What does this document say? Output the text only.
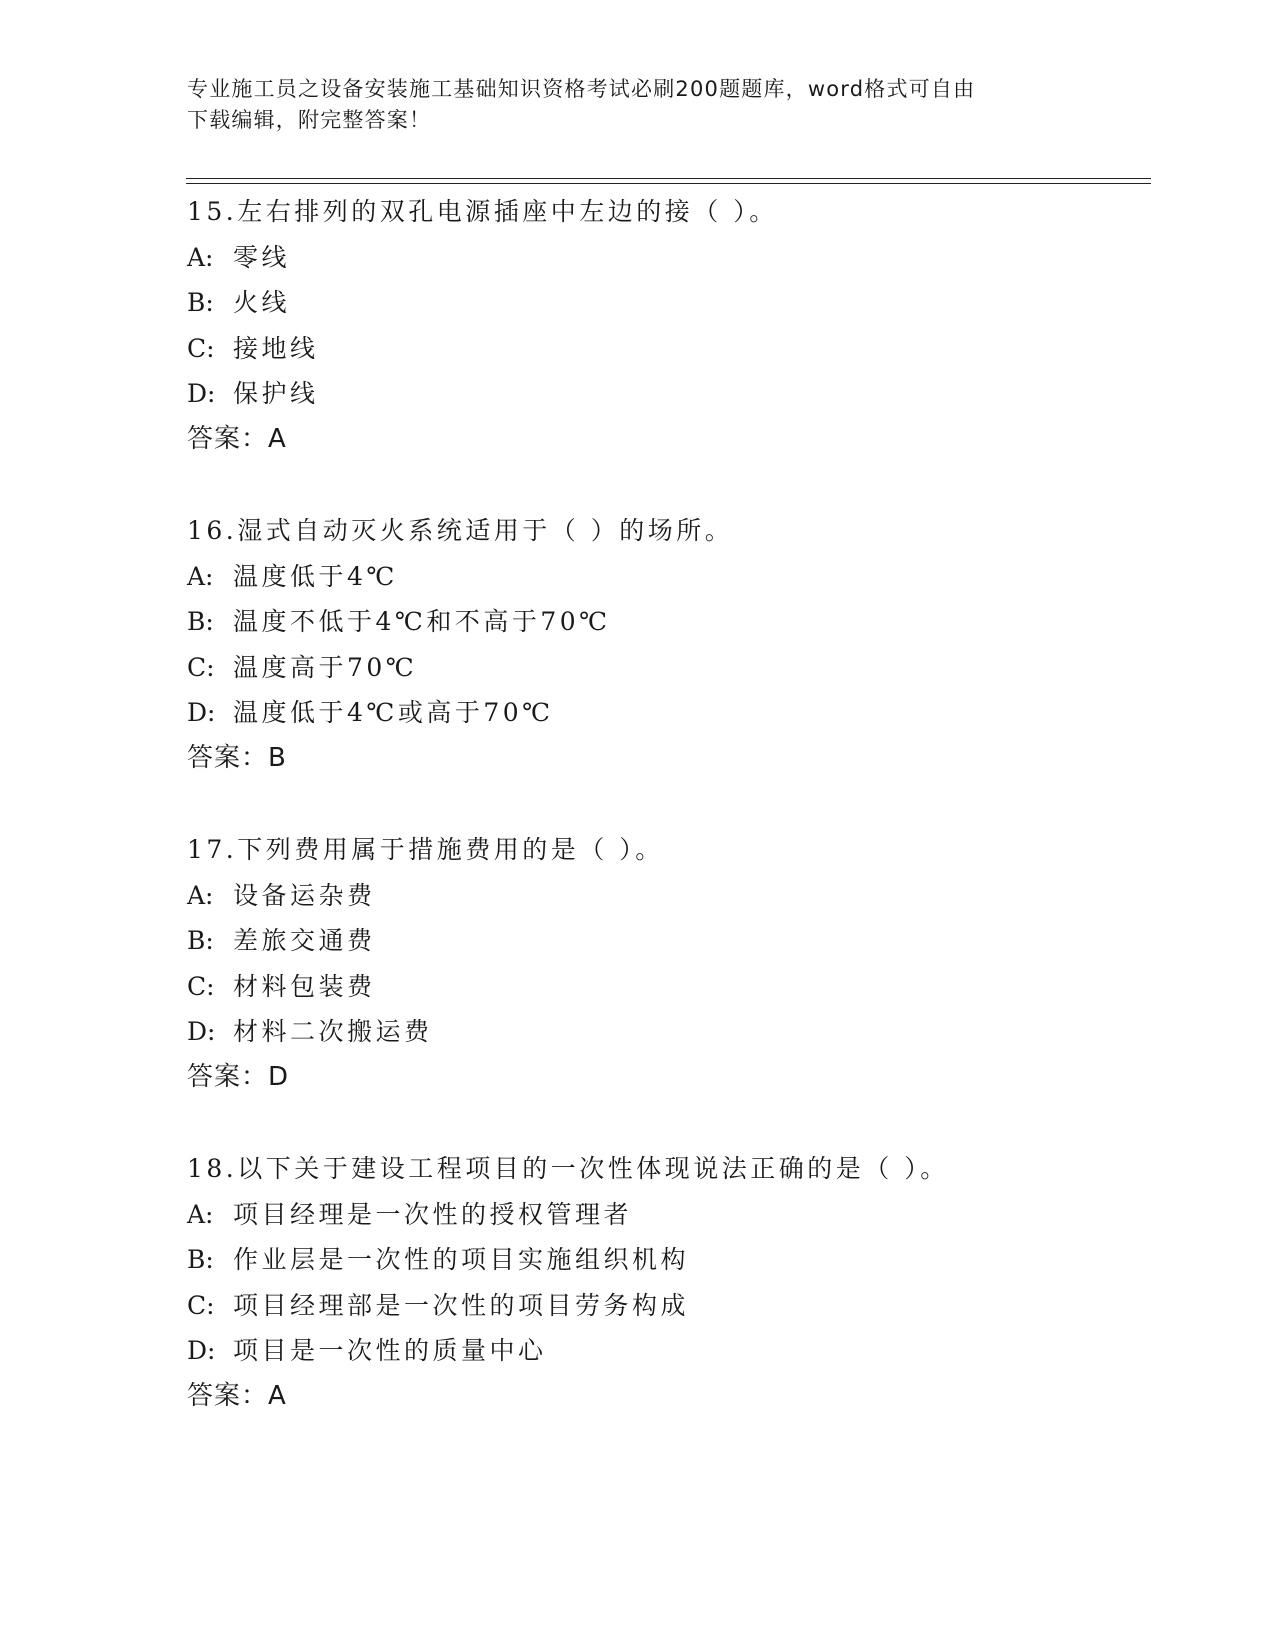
专业施工员之设备安装施工基础知识资格考试必刷200题题库，word格式可自由
下载编辑，附完整答案！
15.左右排列的双孔电源插座中左边的接（ ）。
A: 零线
B: 火线
C: 接地线
D: 保护线
答案：A
16.湿式自动灭火系统适用于（ ）的场所。
A: 温度低于4℃
B: 温度不低于4℃和不高于70℃
C: 温度高于70℃
D: 温度低于4℃或高于70℃
答案：B
17.下列费用属于措施费用的是（ ）。
A: 设备运杂费
B: 差旅交通费
C: 材料包装费
D: 材料二次搬运费
答案：D
18.以下关于建设工程项目的一次性体现说法正确的是（ ）。
A: 项目经理是一次性的授权管理者
B: 作业层是一次性的项目实施组织机构
C: 项目经理部是一次性的项目劳务构成
D: 项目是一次性的质量中心
答案：A
